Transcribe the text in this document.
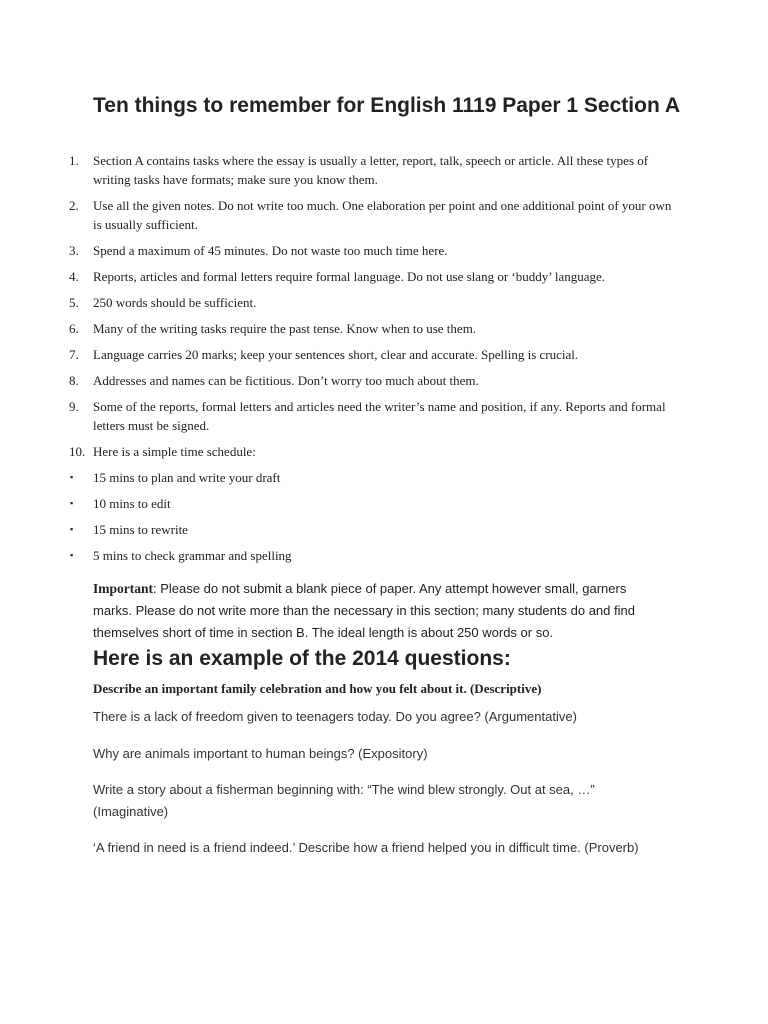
Ten things to remember for English 1119 Paper 1 Section A
1. Section A contains tasks where the essay is usually a letter, report, talk, speech or article. All these types of writing tasks have formats; make sure you know them.
2. Use all the given notes. Do not write too much. One elaboration per point and one additional point of your own is usually sufficient.
3. Spend a maximum of 45 minutes. Do not waste too much time here.
4. Reports, articles and formal letters require formal language. Do not use slang or ‘buddy’ language.
5. 250 words should be sufficient.
6. Many of the writing tasks require the past tense. Know when to use them.
7. Language carries 20 marks; keep your sentences short, clear and accurate. Spelling is crucial.
8. Addresses and names can be fictitious. Don’t worry too much about them.
9. Some of the reports, formal letters and articles need the writer’s name and position, if any. Reports and formal letters must be signed.
10. Here is a simple time schedule:
▪ 15 mins to plan and write your draft
▪ 10 mins to edit
▪ 15 mins to rewrite
▪ 5 mins to check grammar and spelling

Important: Please do not submit a blank piece of paper. Any attempt however small, garners marks. Please do not write more than the necessary in this section; many students do and find themselves short of time in section B. The ideal length is about 250 words or so.

Here is an example of the 2014 questions:

Describe an important family celebration and how you felt about it. (Descriptive)

There is a lack of freedom given to teenagers today. Do you agree? (Argumentative)

Why are animals important to human beings? (Expository)

Write a story about a fisherman beginning with: “The wind blew strongly. Out at sea, …” (Imaginative)

‘A friend in need is a friend indeed.’ Describe how a friend helped you in difficult time. (Proverb)
